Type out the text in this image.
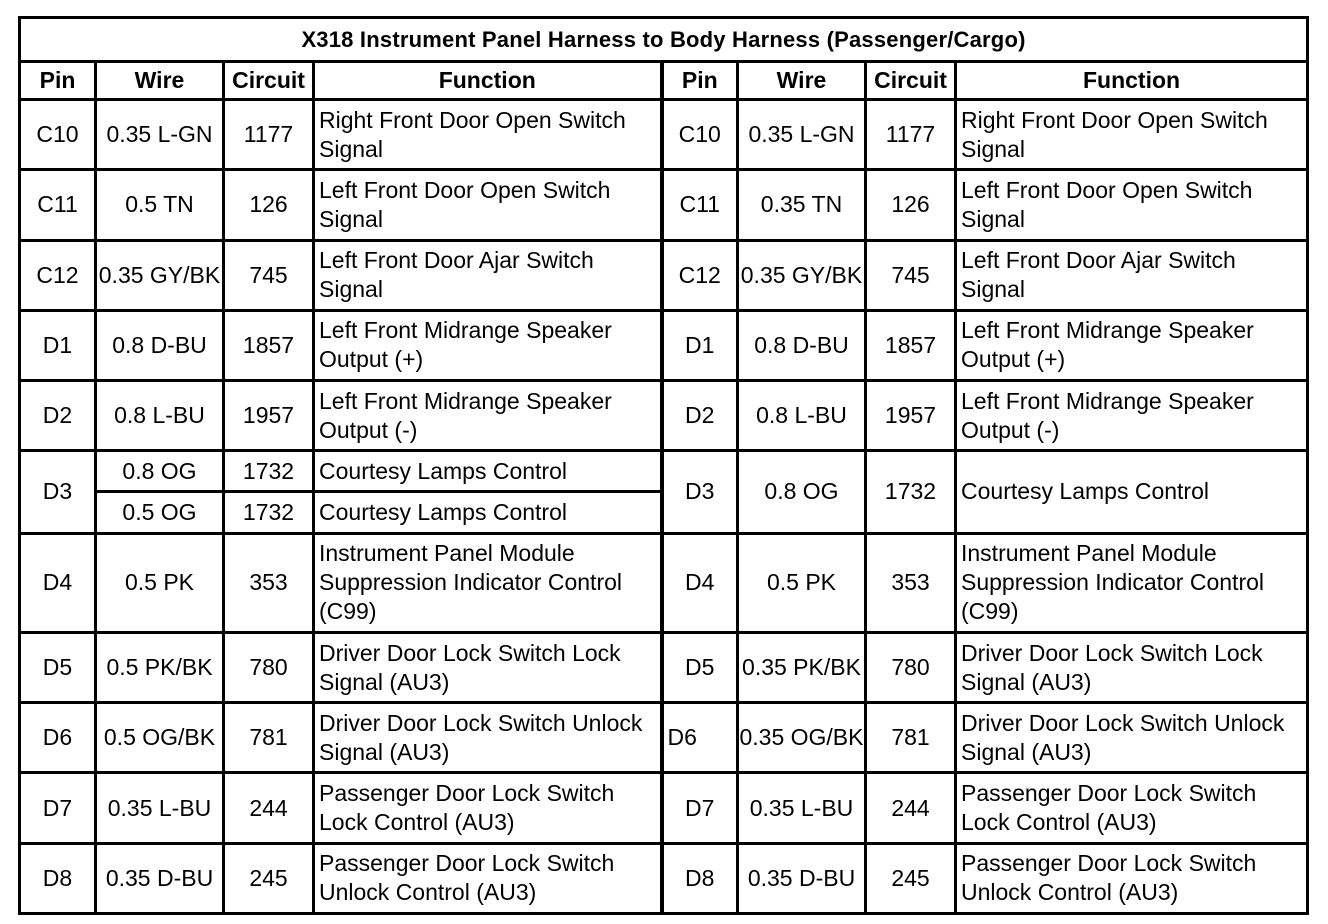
X318 Instrument Panel Harness to Body Harness (Passenger/Cargo)							
Pin	Wire	Circuit	Function	Pin	Wire	Circuit	Function
C10	0.35 L-GN	1177	Right Front Door Open Switch Signal	C10	0.35 L-GN	1177	Right Front Door Open Switch Signal
C11	0.5 TN	126	Left Front Door Open Switch Signal	C11	0.35 TN	126	Left Front Door Open Switch Signal
C12	0.35 GY/BK	745	Left Front Door Ajar Switch Signal	C12	0.35 GY/BK	745	Left Front Door Ajar Switch Signal
D1	0.8 D-BU	1857	Left Front Midrange Speaker Output (+)	D1	0.8 D-BU	1857	Left Front Midrange Speaker Output (+)
D2	0.8 L-BU	1957	Left Front Midrange Speaker Output (-)	D2	0.8 L-BU	1957	Left Front Midrange Speaker Output (-)
D3	0.8 OG	1732	Courtesy Lamps Control	D3	0.8 OG	1732	Courtesy Lamps Control
	0.5 OG	1732	Courtesy Lamps Control				
D4	0.5 PK	353	Instrument Panel Module Suppression Indicator Control (C99)	D4	0.5 PK	353	Instrument Panel Module Suppression Indicator Control (C99)
D5	0.5 PK/BK	780	Driver Door Lock Switch Lock Signal (AU3)	D5	0.35 PK/BK	780	Driver Door Lock Switch Lock Signal (AU3)
D6	0.5 OG/BK	781	Driver Door Lock Switch Unlock Signal (AU3)	D6	0.35 OG/BK	781	Driver Door Lock Switch Unlock Signal (AU3)
D7	0.35 L-BU	244	Passenger Door Lock Switch Lock Control (AU3)	D7	0.35 L-BU	244	Passenger Door Lock Switch Lock Control (AU3)
D8	0.35 D-BU	245	Passenger Door Lock Switch Unlock Control (AU3)	D8	0.35 D-BU	245	Passenger Door Lock Switch Unlock Control (AU3)
